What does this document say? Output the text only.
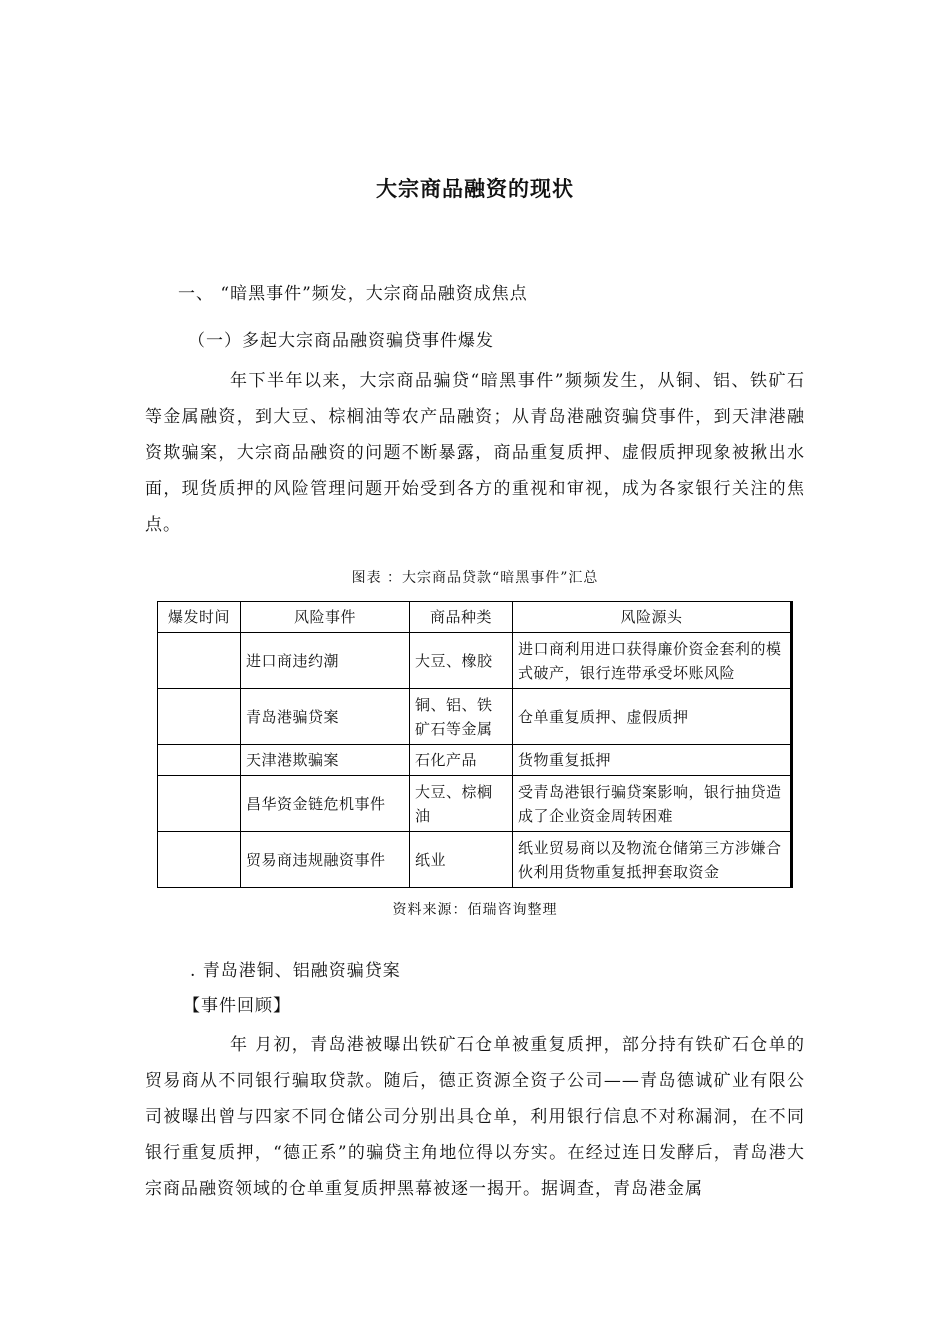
大宗商品融资的现状
一、 “暗黑事件”频发，大宗商品融资成焦点
（一）多起大宗商品融资骗贷事件爆发

年下半年以来，大宗商品骗贷“暗黑事件”频频发生，从铜、铝、铁矿石等金属融资，到大豆、棕榈油等农产品融资；从青岛港融资骗贷事件，到天津港融资欺骗案，大宗商品融资的问题不断暴露，商品重复质押、虚假质押现象被揪出水面，现货质押的风险管理问题开始受到各方的重视和审视，成为各家银行关注的焦点。

图表 ：大宗商品贷款“暗黑事件”汇总
爆发时间	风险事件	商品种类	风险源头
	进口商违约潮	大豆、橡胶	进口商利用进口获得廉价资金套利的模式破产，银行连带承受坏账风险
	青岛港骗贷案	铜、铝、铁矿石等金属	仓单重复质押、虚假质押
	天津港欺骗案	石化产品	货物重复抵押
	昌华资金链危机事件	大豆、棕榈油	受青岛港银行骗贷案影响，银行抽贷造成了企业资金周转困难
	贸易商违规融资事件	纸业	纸业贸易商以及物流仓储第三方涉嫌合伙利用货物重复抵押套取资金
资料来源：佰瑞咨询整理
. 青岛港铜、铝融资骗贷案
【事件回顾】

年 月初，青岛港被曝出铁矿石仓单被重复质押，部分持有铁矿石仓单的贸易商从不同银行骗取贷款。随后，德正资源全资子公司——青岛德诚矿业有限公司被曝出曾与四家不同仓储公司分别出具仓单，利用银行信息不对称漏洞，在不同银行重复质押，“德正系”的骗贷主角地位得以夯实。在经过连日发酵后，青岛港大宗商品融资领域的仓单重复质押黑幕被逐一揭开。据调查，青岛港金属
